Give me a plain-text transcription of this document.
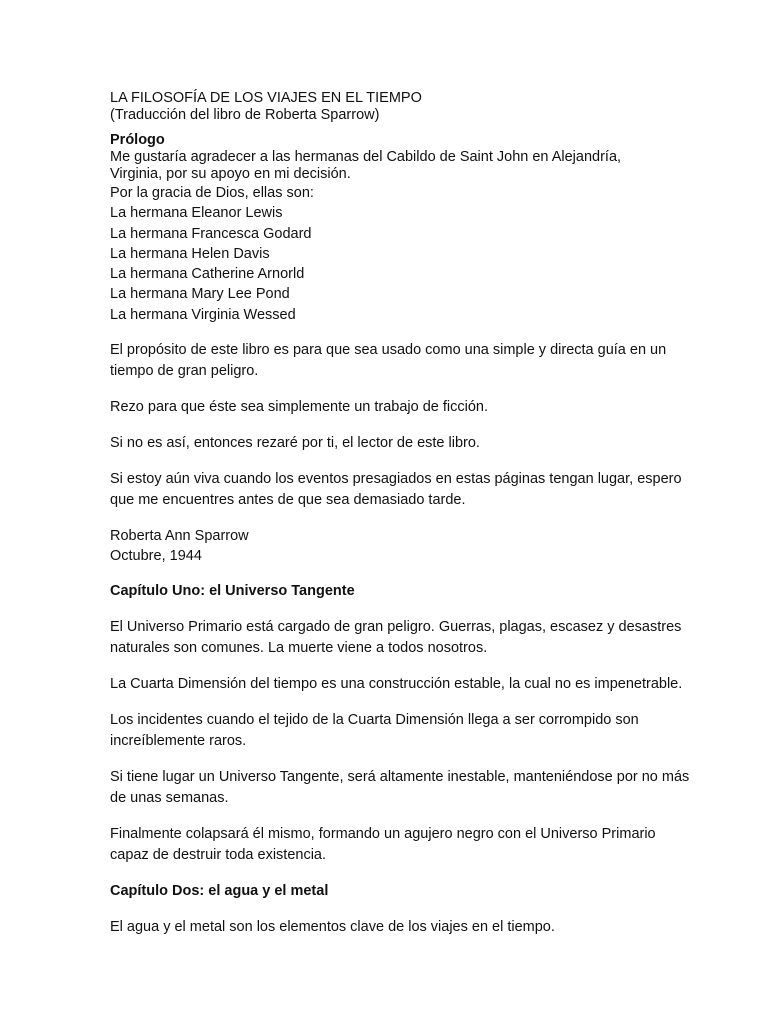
LA FILOSOFÍA DE LOS VIAJES EN EL TIEMPO
(Traducción del libro de Roberta Sparrow)
Prólogo
Me gustaría agradecer a las hermanas del Cabildo de Saint John en Alejandría,
Virginia, por su apoyo en mi decisión.
Por la gracia de Dios, ellas son:
La hermana Eleanor Lewis
La hermana Francesca Godard
La hermana Helen Davis
La hermana Catherine Arnorld
La hermana Mary Lee Pond
La hermana Virginia Wessed
El propósito de este libro es para que sea usado como una simple y directa guía en un tiempo de gran peligro.
Rezo para que éste sea simplemente un trabajo de ficción.
Si no es así, entonces rezaré por ti, el lector de este libro.
Si estoy aún viva cuando los eventos presagiados en estas páginas tengan lugar, espero que me encuentres antes de que sea demasiado tarde.
Roberta Ann Sparrow
Octubre, 1944
Capítulo Uno: el Universo Tangente
El Universo Primario está cargado de gran peligro. Guerras, plagas, escasez y desastres naturales son comunes. La muerte viene a todos nosotros.
La Cuarta Dimensión del tiempo es una construcción estable, la cual no es impenetrable.
Los incidentes cuando el tejido de la Cuarta Dimensión llega a ser corrompido son increíblemente raros.
Si tiene lugar un Universo Tangente, será altamente inestable, manteniéndose por no más de unas semanas.
Finalmente colapsará él mismo, formando un agujero negro con el Universo Primario capaz de destruir toda existencia.
Capítulo Dos: el agua y el metal
El agua y el metal son los elementos clave de los viajes en el tiempo.
